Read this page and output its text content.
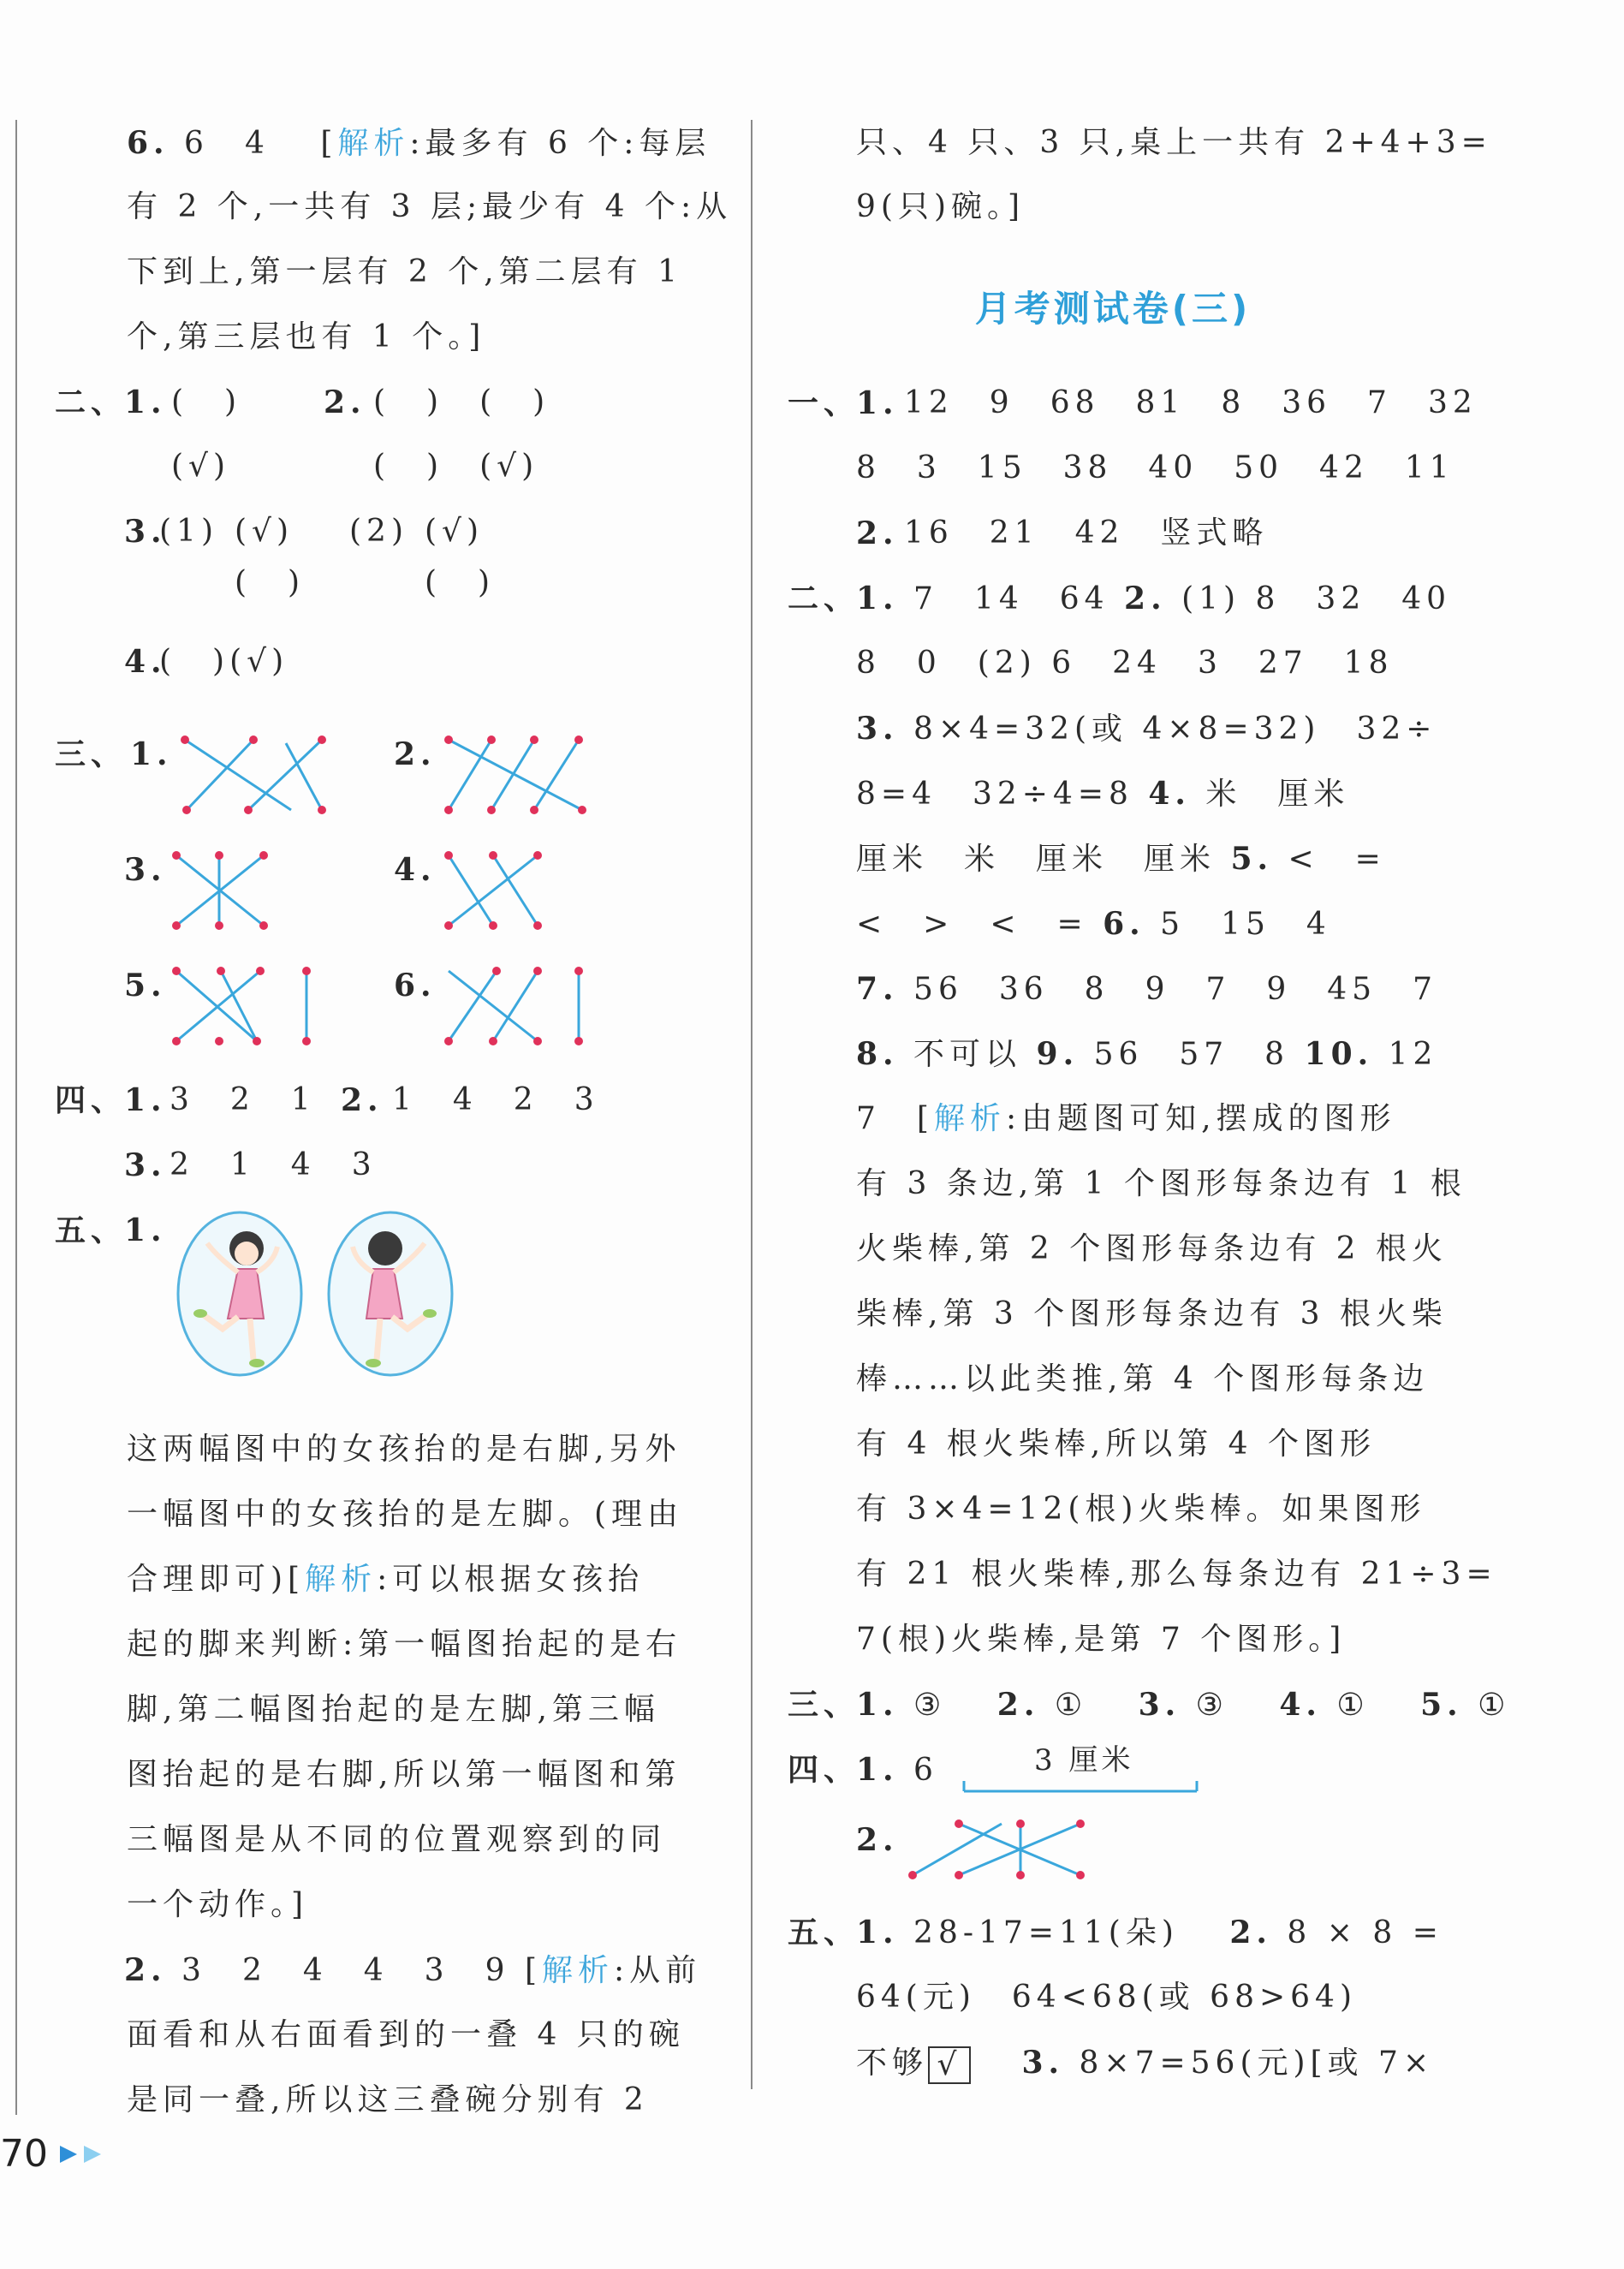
6. 6　4　 [解析:最多有 6 个:每层
有 2 个,一共有 3 层;最少有 4 个:从
下到上,第一层有 2 个,第二层有 1
个,第三层也有 1 个。]
二、
1. (　)
(√)
2. (　)　(　)
(　)　(√)
3.
(1) (√)
(　)
(2) (√)
(　)
4.
(　)(√)
三、 1.	2.
3.	4.
5.	6.
四、
1. 3　2　1 2. 1　4　2　3
3. 2　1　4　3
五、
1.
这两幅图中的女孩抬的是右脚,另外
一幅图中的女孩抬的是左脚。(理由
合理即可)[解析:可以根据女孩抬
起的脚来判断:第一幅图抬起的是右
脚,第二幅图抬起的是左脚,第三幅
图抬起的是右脚,所以第一幅图和第
三幅图是从不同的位置观察到的同
一个动作。]
2. 3　2　4　4　3　9 [解析:从前
面看和从右面看到的一叠 4 只的碗
是同一叠,所以这三叠碗分别有 2
只、4 只、3 只,桌上一共有 2+4+3=
9(只)碗。]
月考测试卷(三)
一、
1. 12　9　68　81　8　36　7　32
8　3　15　38　40　50　42　11
2. 16　21　42　竖式略
二、
1. 7　14　64 2. (1) 8　32　40
8　0　(2) 6　24　3　27　18
3. 8×4=32(或 4×8=32)　32÷
8=4　32÷4=8 4. 米　厘米
厘米　米　厘米　厘米 5. <　=
<　>　<　= 6. 5　15　4
7. 56　36　8　9　7　9　45　7
8. 不可以 9. 56　57　8 10. 12
7　[解析:由题图可知,摆成的图形
有 3 条边,第 1 个图形每条边有 1 根
火柴棒,第 2 个图形每条边有 2 根火
柴棒,第 3 个图形每条边有 3 根火柴
棒……以此类推,第 4 个图形每条边
有 4 根火柴棒,所以第 4 个图形
有 3×4=12(根)火柴棒。如果图形
有 21 根火柴棒,那么每条边有 21÷3=
7(根)火柴棒,是第 7 个图形。]
三、
1. ③ 　 2. ① 　 3. ③ 　 4. ① 　 5. ①
四、
1. 6	3 厘米
2.
五、
1. 28-17=11(朵) 　 2. 8 × 8 =
64(元)　64<68(或 68>64)
不够 √ 　 3. 8×7=56(元)[或 7×
70
